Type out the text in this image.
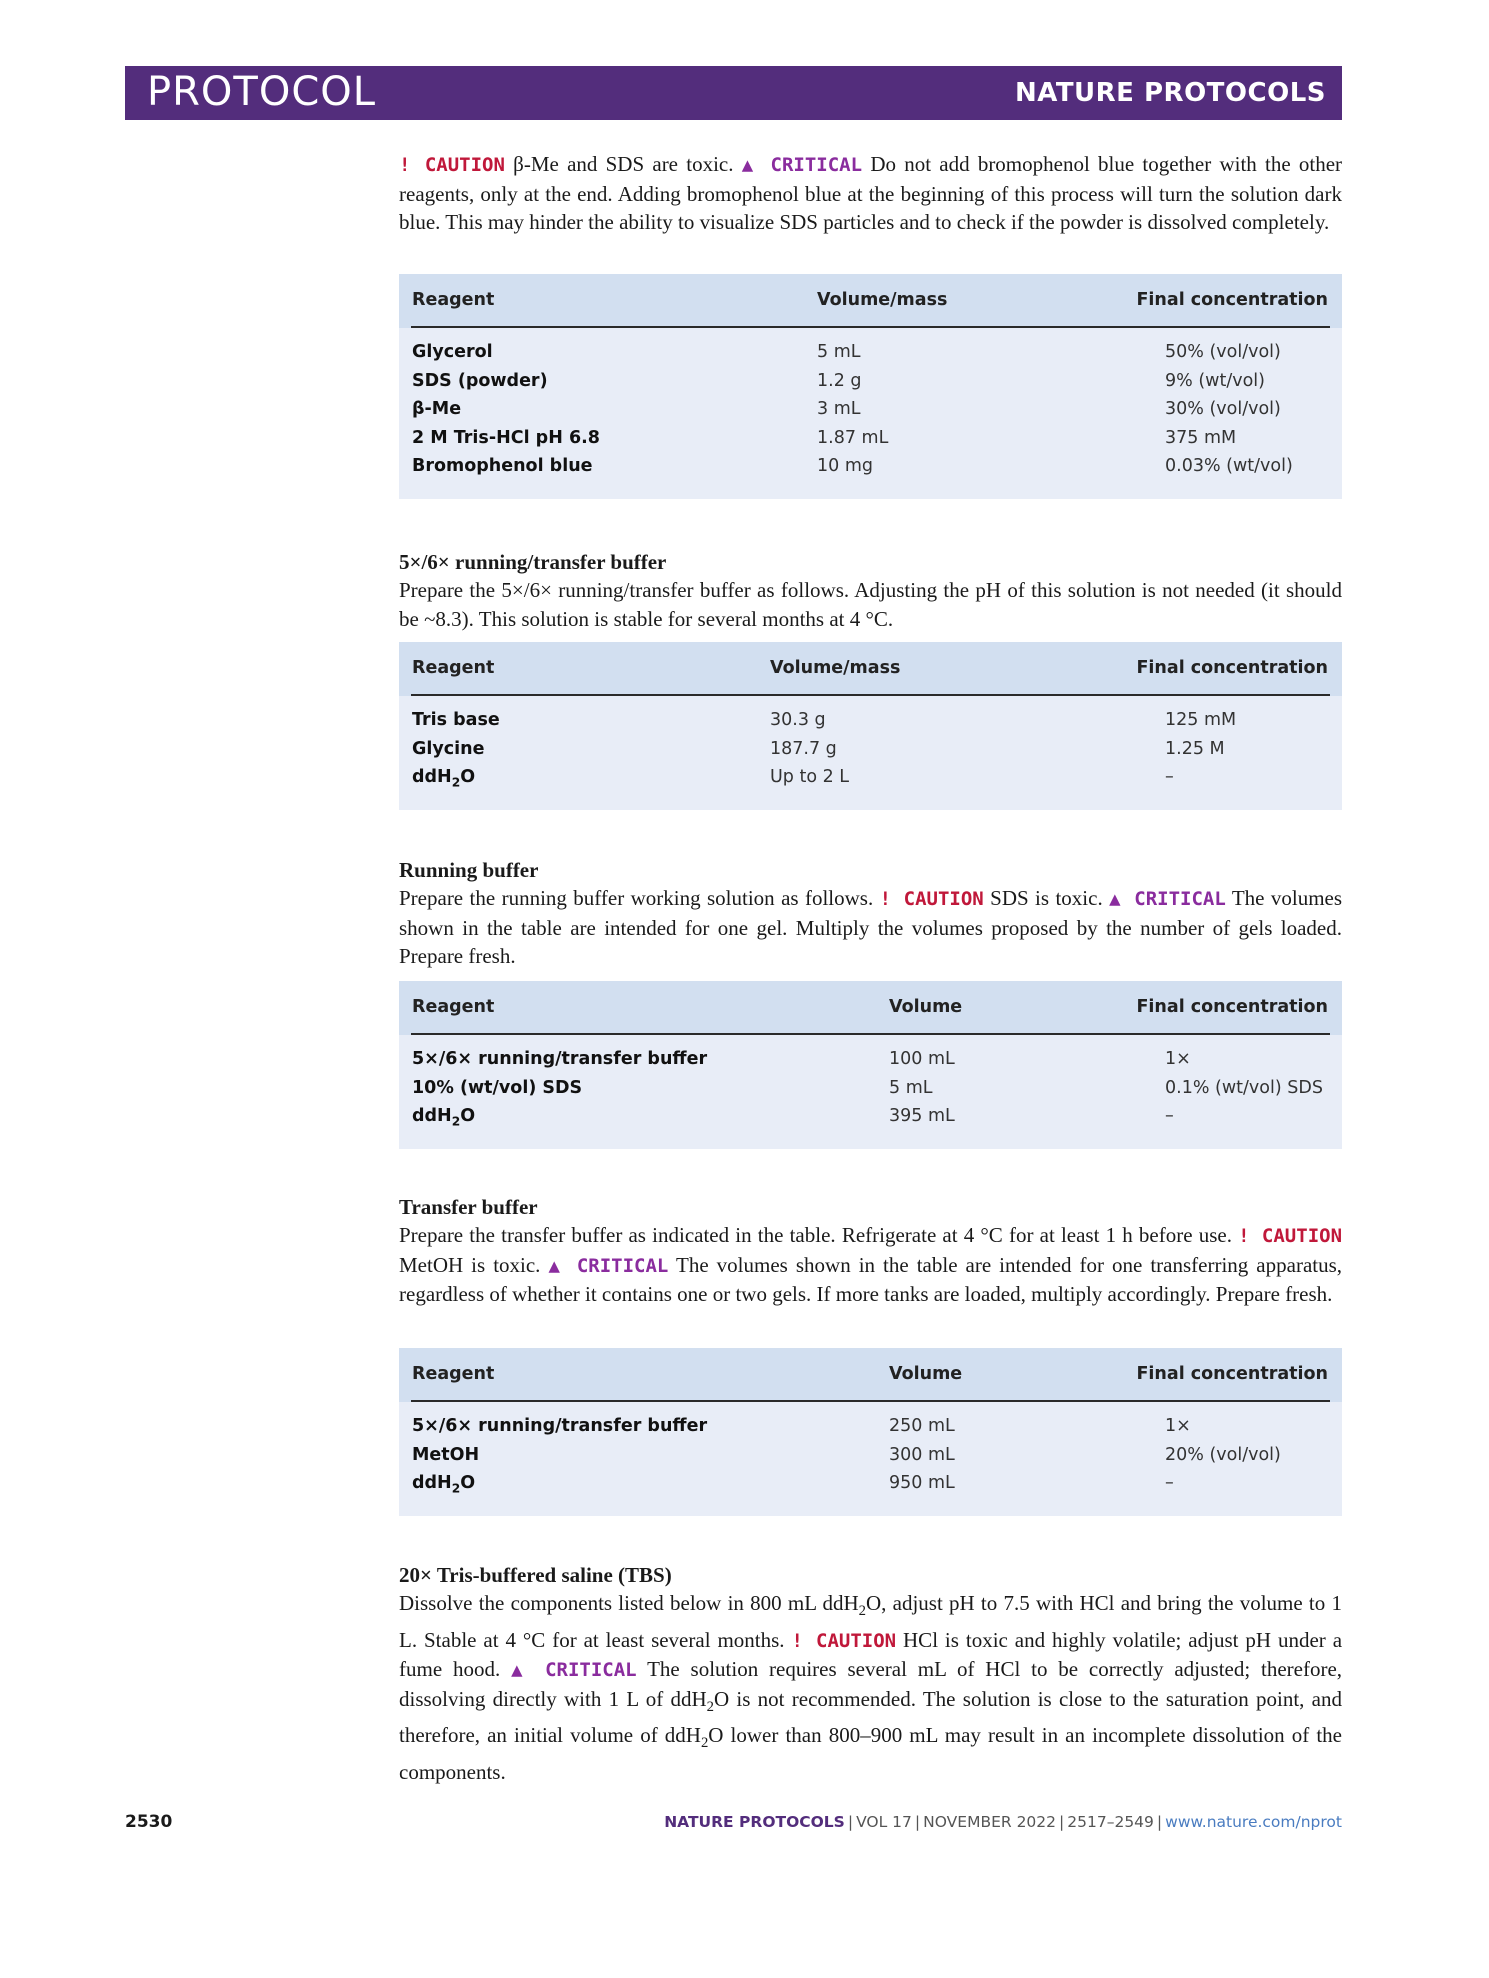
PROTOCOL	NATURE PROTOCOLS

! CAUTION β-Me and SDS are toxic. ▲ CRITICAL Do not add bromophenol blue together with the other reagents, only at the end. Adding bromophenol blue at the beginning of this process will turn the solution dark blue. This may hinder the ability to visualize SDS particles and to check if the powder is dissolved completely.

Reagent	Volume/mass	Final concentration
Glycerol	5 mL	50% (vol/vol)
SDS (powder)	1.2 g	9% (wt/vol)
β-Me	3 mL	30% (vol/vol)
2 M Tris-HCl pH 6.8	1.87 mL	375 mM
Bromophenol blue	10 mg	0.03% (wt/vol)

5×/6× running/transfer buffer

Prepare the 5×/6× running/transfer buffer as follows. Adjusting the pH of this solution is not needed (it should be ~8.3). This solution is stable for several months at 4 °C.

Reagent	Volume/mass	Final concentration
Tris base	30.3 g	125 mM
Glycine	187.7 g	1.25 M
ddH$_2$O	Up to 2 L	–

Running buffer

Prepare the running buffer working solution as follows. ! CAUTION SDS is toxic. ▲ CRITICAL The volumes shown in the table are intended for one gel. Multiply the volumes proposed by the number of gels loaded. Prepare fresh.

Reagent	Volume	Final concentration
5×/6× running/transfer buffer	100 mL	1×
10% (wt/vol) SDS	5 mL	0.1% (wt/vol) SDS
ddH$_2$O	395 mL	–

Transfer buffer

Prepare the transfer buffer as indicated in the table. Refrigerate at 4 °C for at least 1 h before use. ! CAUTION MetOH is toxic. ▲ CRITICAL The volumes shown in the table are intended for one transferring apparatus, regardless of whether it contains one or two gels. If more tanks are loaded, multiply accordingly. Prepare fresh.

Reagent	Volume	Final concentration
5×/6× running/transfer buffer	250 mL	1×
MetOH	300 mL	20% (vol/vol)
ddH$_2$O	950 mL	–

20× Tris-buffered saline (TBS)

Dissolve the components listed below in 800 mL ddH$_2$O, adjust pH to 7.5 with HCl and bring the volume to 1 L. Stable at 4 °C for at least several months. ! CAUTION HCl is toxic and highly volatile; adjust pH under a fume hood. ▲ CRITICAL The solution requires several mL of HCl to be correctly adjusted; therefore, dissolving directly with 1 L of ddH$_2$O is not recommended. The solution is close to the saturation point, and therefore, an initial volume of ddH$_2$O lower than 800–900 mL may result in an incomplete dissolution of the components.

2530	NATURE PROTOCOLS | VOL 17 | NOVEMBER 2022 | 2517–2549 | www.nature.com/nprot
